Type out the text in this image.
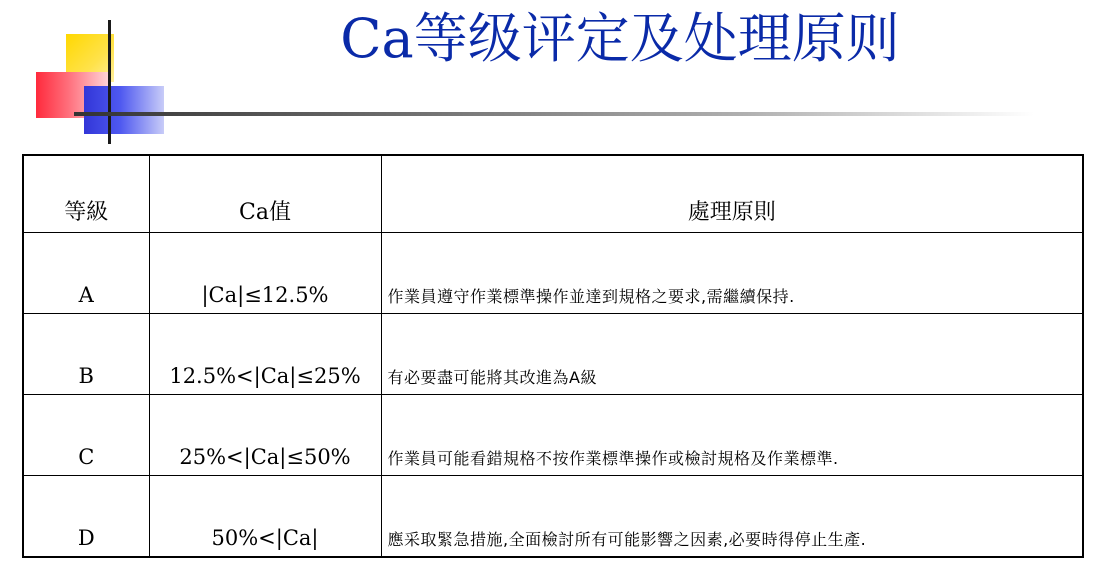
Ca等级评定及处理原则
等級	Ca值	處理原則
A	|Ca|≤12.5%	作業員遵守作業標準操作並達到規格之要求,需繼續保持.
B	12.5%<|Ca|≤25%	有必要盡可能將其改進為A級
C	25%<|Ca|≤50%	作業員可能看錯規格不按作業標準操作或檢討規格及作業標準.
D	50%<|Ca|	應采取緊急措施,全面檢討所有可能影響之因素,必要時得停止生產.
